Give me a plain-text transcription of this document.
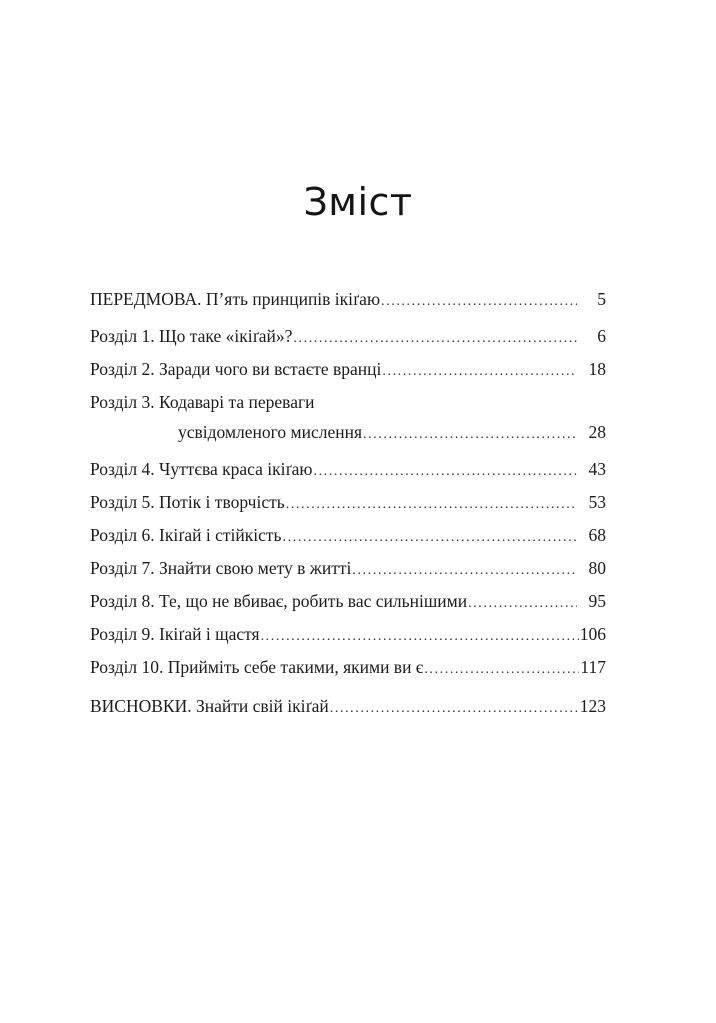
Зміст
ПЕРЕДМОВА. П’ять принципів ікіґаю .....	5
Розділ 1. Що таке «ікіґай»? .....	6
Розділ 2. Заради чого ви встаєте вранці .....	18
Розділ 3. Кодаварі та переваги
усвідомленого мислення .....	28
Розділ 4. Чуттєва краса ікіґаю .....	43
Розділ 5. Потік і творчість .....	53
Розділ 6. Ікіґай і стійкість .....	68
Розділ 7. Знайти свою мету в житті .....	80
Розділ 8. Те, що не вбиває, робить вас сильнішими .....	95
Розділ 9. Ікіґай і щастя .....	106
Розділ 10. Прийміть себе такими, якими ви є .....	117
ВИСНОВКИ. Знайти свій ікіґай .....	123
